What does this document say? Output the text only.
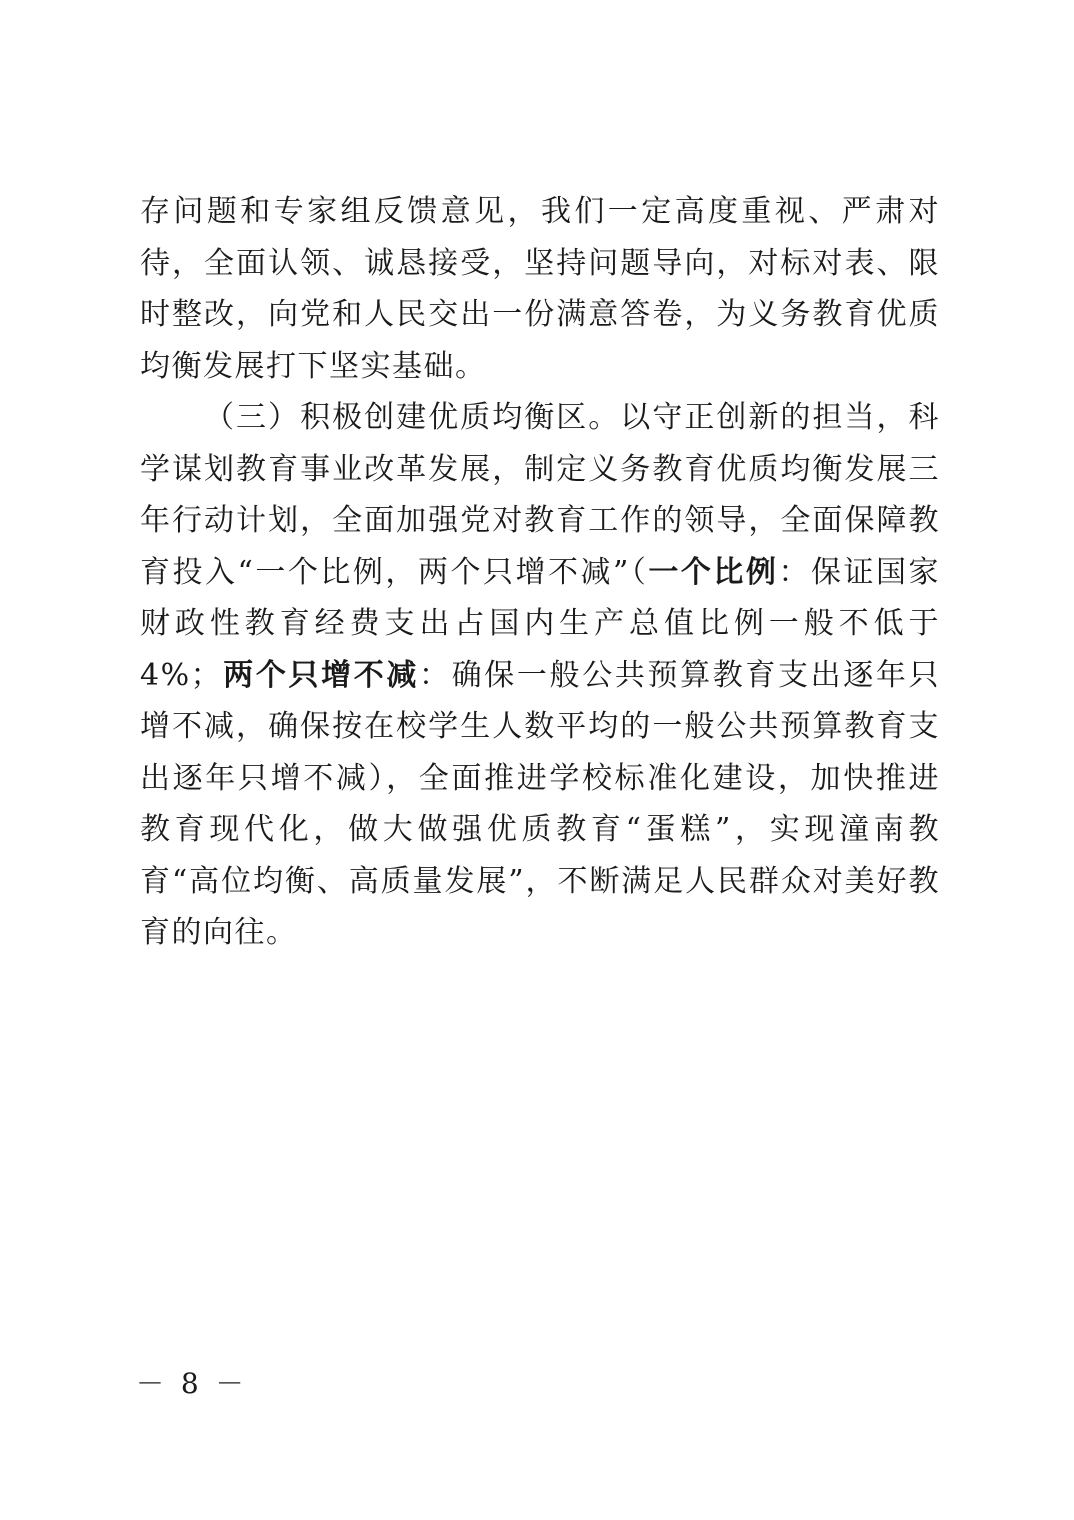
存问题和专家组反馈意见，我们一定高度重视、严肃对待，全面认领、诚恳接受，坚持问题导向，对标对表、限时整改，向党和人民交出一份满意答卷，为义务教育优质均衡发展打下坚实基础。

（三）积极创建优质均衡区。以守正创新的担当，科学谋划教育事业改革发展，制定义务教育优质均衡发展三年行动计划，全面加强党对教育工作的领导，全面保障教育投入“一个比例，两个只增不减”（一个比例：保证国家财政性教育经费支出占国内生产总值比例一般不低于 4%；两个只增不减：确保一般公共预算教育支出逐年只增不减，确保按在校学生人数平均的一般公共预算教育支出逐年只增不减），全面推进学校标准化建设，加快推进教育现代化，做大做强优质教育“蛋糕”，实现潼南教育“高位均衡、高质量发展”，不断满足人民群众对美好教育的向往。

－ 8 －
